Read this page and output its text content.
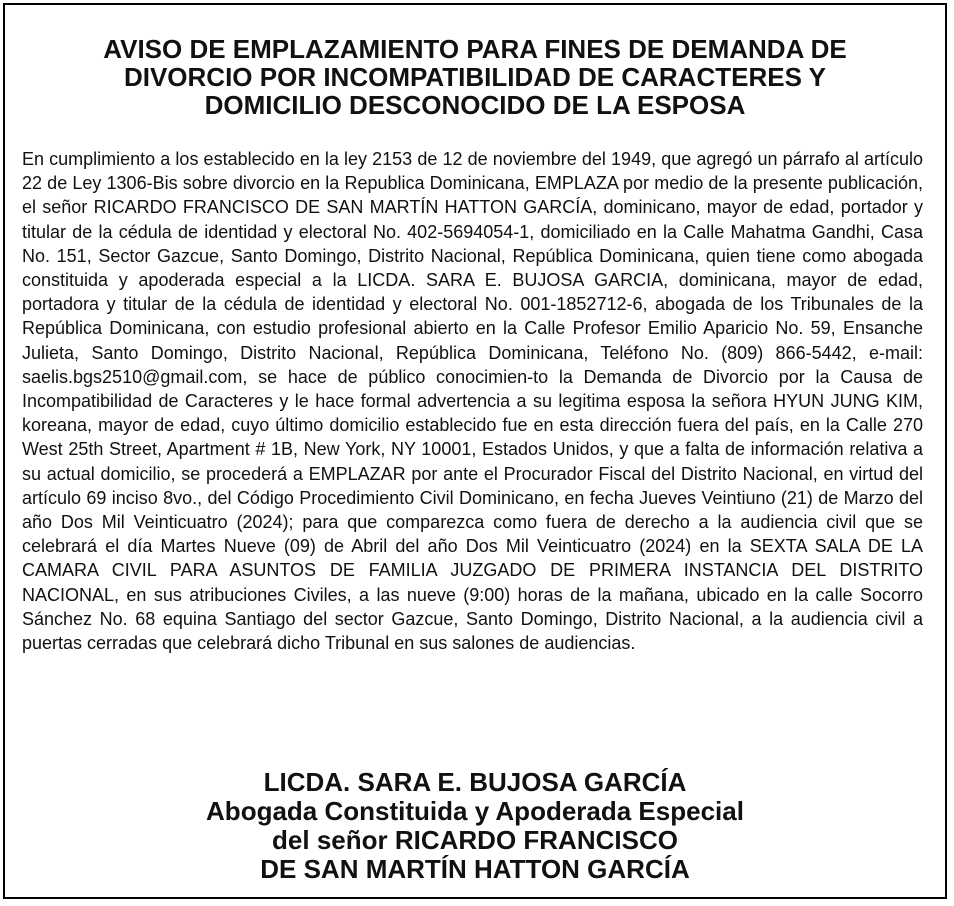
AVISO DE EMPLAZAMIENTO PARA FINES DE DEMANDA DE
DIVORCIO POR INCOMPATIBILIDAD DE CARACTERES Y
DOMICILIO DESCONOCIDO DE LA ESPOSA

En cumplimiento a los establecido en la ley 2153 de 12 de noviembre del 1949, que agregó un párrafo al artículo 22 de Ley 1306-Bis sobre divorcio en la Republica Dominicana, EMPLAZA por medio de la presente publicación, el señor RICARDO FRANCISCO DE SAN MARTÍN HATTON GARCÍA, dominicano, mayor de edad, portador y titular de la cédula de identidad y electoral No. 402-5694054-1, domiciliado en la Calle Mahatma Gandhi, Casa No. 151, Sector Gazcue, Santo Domingo, Distrito Nacional, República Dominicana, quien tiene como abogada constituida y apoderada especial a la LICDA. SARA E. BUJOSA GARCIA, dominicana, mayor de edad, portadora y titular de la cédula de identidad y electoral No. 001-1852712-6, abogada de los Tribunales de la República Dominicana, con estudio profesional abierto en la Calle Profesor Emilio Aparicio No. 59, Ensanche Julieta, Santo Domingo, Distrito Nacional, República Dominicana, Teléfono No. (809) 866-5442, e-mail: saelis.bgs2510@gmail.com, se hace de público conocimien-to la Demanda de Divorcio por la Causa de Incompatibilidad de Caracteres y le hace formal advertencia a su legitima esposa la señora HYUN JUNG KIM, koreana, mayor de edad, cuyo último domicilio establecido fue en esta dirección fuera del país, en la Calle 270 West 25th Street, Apartment # 1B, New York, NY 10001, Estados Unidos, y que a falta de información relativa a su actual domicilio, se procederá a EMPLAZAR por ante el Procurador Fiscal del Distrito Nacional, en virtud del artículo 69 inciso 8vo., del Código Procedimiento Civil Dominicano, en fecha Jueves Veintiuno (21) de Marzo del año Dos Mil Veinticuatro (2024); para que comparezca como fuera de derecho a la audiencia civil que se celebrará el día Martes Nueve (09) de Abril del año Dos Mil Veinticuatro (2024) en la SEXTA SALA DE LA CAMARA CIVIL PARA ASUNTOS DE FAMILIA JUZGADO DE PRIMERA INSTANCIA DEL DISTRITO NACIONAL, en sus atribuciones Civiles, a las nueve (9:00) horas de la mañana, ubicado en la calle Socorro Sánchez No. 68 equina Santiago del sector Gazcue, Santo Domingo, Distrito Nacional, a la audiencia civil a puertas cerradas que celebrará dicho Tribunal en sus salones de audiencias.

LICDA. SARA E. BUJOSA GARCÍA
Abogada Constituida y Apoderada Especial
del señor RICARDO FRANCISCO
DE SAN MARTÍN HATTON GARCÍA
